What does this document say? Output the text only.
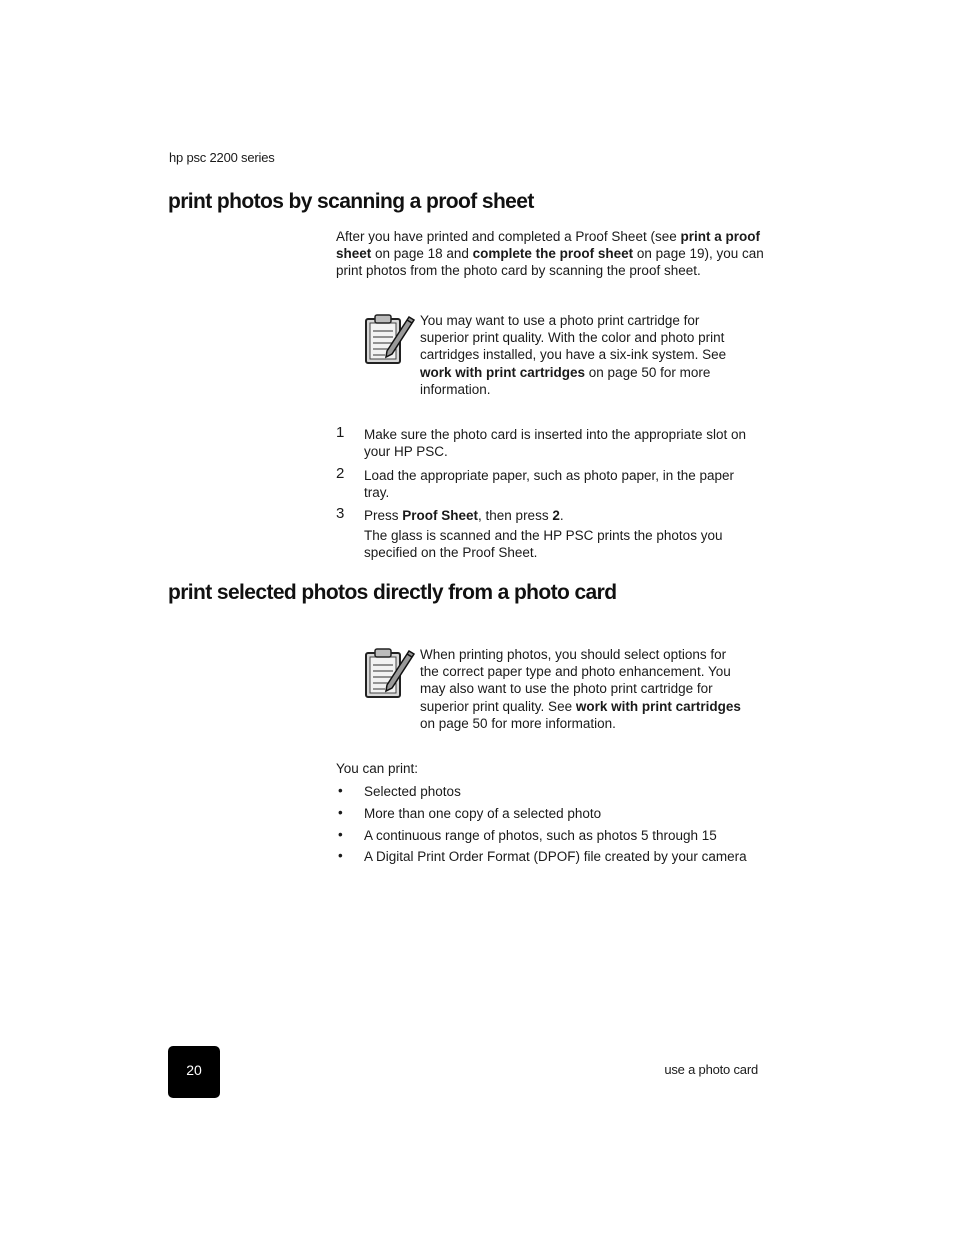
hp psc 2200 series
print photos by scanning a proof sheet
After you have printed and completed a Proof Sheet (see print a proof
sheet on page 18 and complete the proof sheet on page 19), you can
print photos from the photo card by scanning the proof sheet.
You may want to use a photo print cartridge for
superior print quality. With the color and photo print
cartridges installed, you have a six-ink system. See
work with print cartridges on page 50 for more
information.
1 Make sure the photo card is inserted into the appropriate slot on
your HP PSC.
2 Load the appropriate paper, such as photo paper, in the paper
tray.
3 Press Proof Sheet, then press 2.
The glass is scanned and the HP PSC prints the photos you
specified on the Proof Sheet.
print selected photos directly from a photo card
When printing photos, you should select options for
the correct paper type and photo enhancement. You
may also want to use the photo print cartridge for
superior print quality. See work with print cartridges
on page 50 for more information.
You can print:
• Selected photos
• More than one copy of a selected photo
• A continuous range of photos, such as photos 5 through 15
• A Digital Print Order Format (DPOF) file created by your camera
20	use a photo card
